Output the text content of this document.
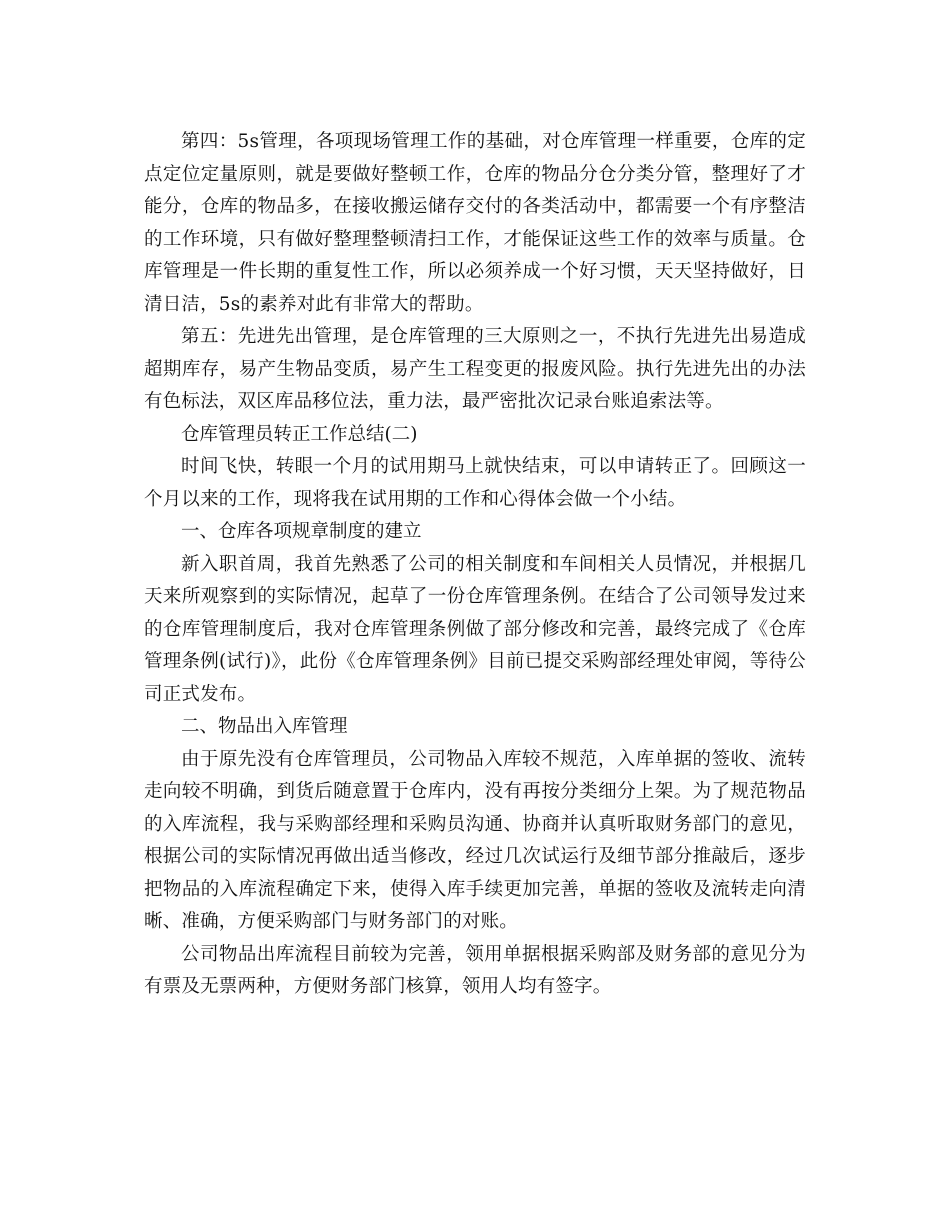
第四：5s管理，各项现场管理工作的基础，对仓库管理一样重要，仓库的定点定位定量原则，就是要做好整顿工作，仓库的物品分仓分类分管，整理好了才能分，仓库的物品多，在接收搬运储存交付的各类活动中，都需要一个有序整洁的工作环境，只有做好整理整顿清扫工作，才能保证这些工作的效率与质量。仓库管理是一件长期的重复性工作，所以必须养成一个好习惯，天天坚持做好，日清日洁，5s的素养对此有非常大的帮助。

第五：先进先出管理，是仓库管理的三大原则之一，不执行先进先出易造成超期库存，易产生物品变质，易产生工程变更的报废风险。执行先进先出的办法有色标法，双区库品移位法，重力法，最严密批次记录台账追索法等。

仓库管理员转正工作总结(二)

时间飞快，转眼一个月的试用期马上就快结束，可以申请转正了。回顾这一个月以来的工作，现将我在试用期的工作和心得体会做一个小结。

一、仓库各项规章制度的建立

新入职首周，我首先熟悉了公司的相关制度和车间相关人员情况，并根据几天来所观察到的实际情况，起草了一份仓库管理条例。在结合了公司领导发过来的仓库管理制度后，我对仓库管理条例做了部分修改和完善，最终完成了《仓库管理条例(试行)》，此份《仓库管理条例》目前已提交采购部经理处审阅，等待公司正式发布。

二、物品出入库管理

由于原先没有仓库管理员，公司物品入库较不规范，入库单据的签收、流转走向较不明确，到货后随意置于仓库内，没有再按分类细分上架。为了规范物品的入库流程，我与采购部经理和采购员沟通、协商并认真听取财务部门的意见，根据公司的实际情况再做出适当修改，经过几次试运行及细节部分推敲后，逐步把物品的入库流程确定下来，使得入库手续更加完善，单据的签收及流转走向清晰、准确，方便采购部门与财务部门的对账。

公司物品出库流程目前较为完善，领用单据根据采购部及财务部的意见分为有票及无票两种，方便财务部门核算，领用人均有签字。
